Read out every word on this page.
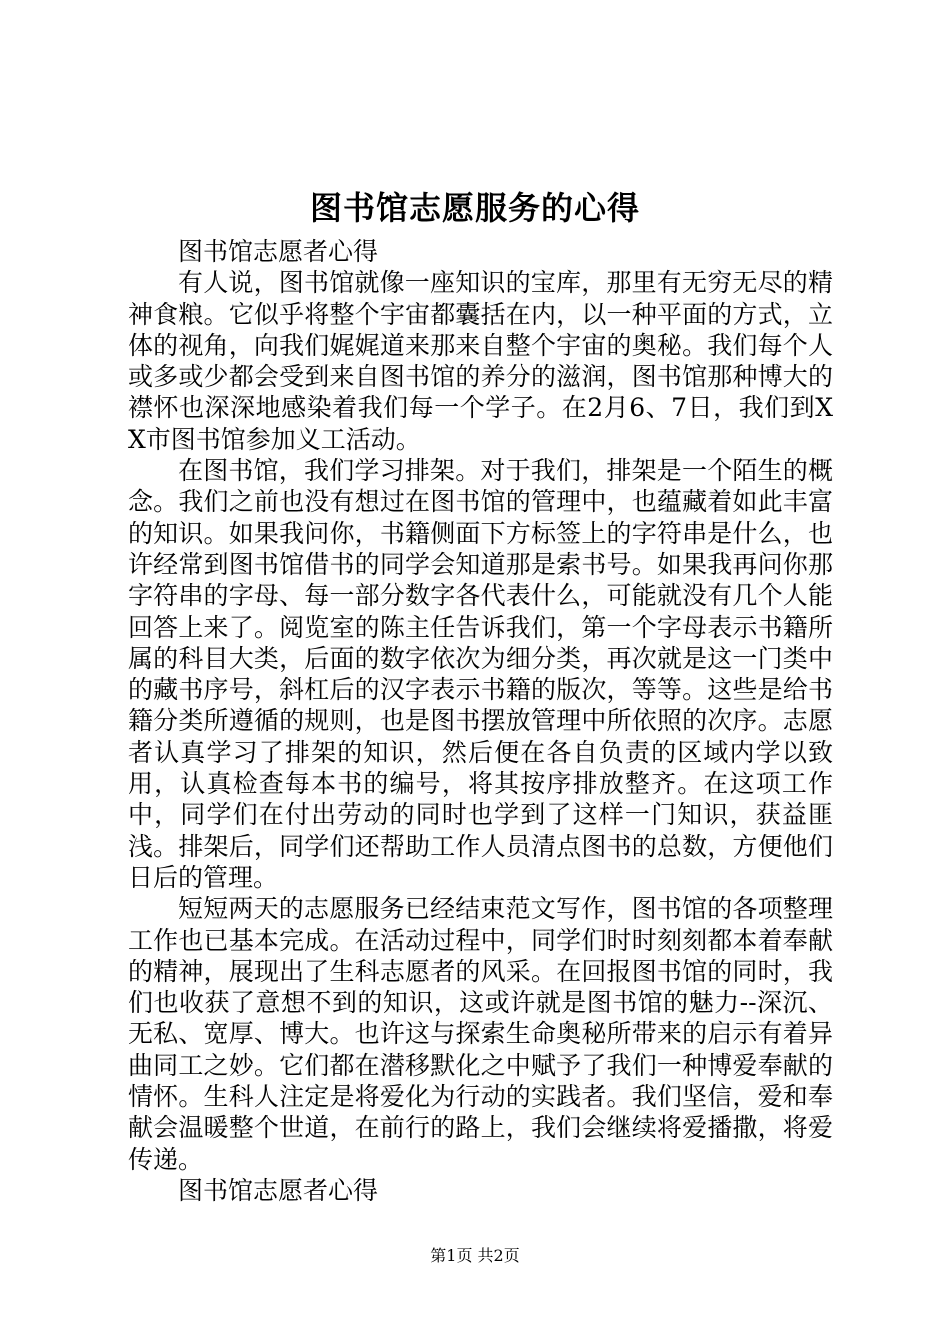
图书馆志愿服务的心得

图书馆志愿者心得

有人说，图书馆就像一座知识的宝库，那里有无穷无尽的精神食粮。它似乎将整个宇宙都囊括在内，以一种平面的方式，立体的视角，向我们娓娓道来那来自整个宇宙的奥秘。我们每个人或多或少都会受到来自图书馆的养分的滋润，图书馆那种博大的襟怀也深深地感染着我们每一个学子。在2月6、7日，我们到XX市图书馆参加义工活动。

在图书馆，我们学习排架。对于我们，排架是一个陌生的概念。我们之前也没有想过在图书馆的管理中，也蕴藏着如此丰富的知识。如果我问你，书籍侧面下方标签上的字符串是什么，也许经常到图书馆借书的同学会知道那是索书号。如果我再问你那字符串的字母、每一部分数字各代表什么，可能就没有几个人能回答上来了。阅览室的陈主任告诉我们，第一个字母表示书籍所属的科目大类，后面的数字依次为细分类，再次就是这一门类中的藏书序号，斜杠后的汉字表示书籍的版次，等等。这些是给书籍分类所遵循的规则，也是图书摆放管理中所依照的次序。志愿者认真学习了排架的知识，然后便在各自负责的区域内学以致用，认真检查每本书的编号，将其按序排放整齐。在这项工作中，同学们在付出劳动的同时也学到了这样一门知识，获益匪浅。排架后，同学们还帮助工作人员清点图书的总数，方便他们日后的管理。

短短两天的志愿服务已经结束范文写作，图书馆的各项整理工作也已基本完成。在活动过程中，同学们时时刻刻都本着奉献的精神，展现出了生科志愿者的风采。在回报图书馆的同时，我们也收获了意想不到的知识，这或许就是图书馆的魅力--深沉、无私、宽厚、博大。也许这与探索生命奥秘所带来的启示有着异曲同工之妙。它们都在潜移默化之中赋予了我们一种博爱奉献的情怀。生科人注定是将爱化为行动的实践者。我们坚信，爱和奉献会温暖整个世道，在前行的路上，我们会继续将爱播撒，将爱传递。

图书馆志愿者心得

第1页 共2页
